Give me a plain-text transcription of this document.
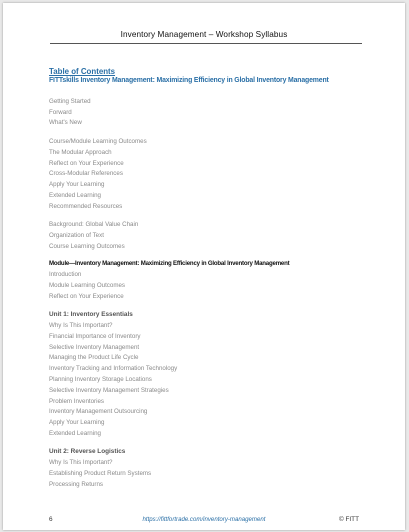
Inventory Management – Workshop Syllabus
Table of Contents
FITTskills Inventory Management: Maximizing Efficiency in Global Inventory Management
Getting Started
Forward
What's New
Course/Module Learning Outcomes
The Modular Approach
Reflect on Your Experience
Cross-Modular References
Apply Your Learning
Extended Learning
Recommended Resources
Background: Global Value Chain
Organization of Text
Course Learning Outcomes
Module—Inventory Management: Maximizing Efficiency in Global Inventory Management
Introduction
Module Learning Outcomes
Reflect on Your Experience
Unit 1: Inventory Essentials
Why Is This Important?
Financial Importance of Inventory
Selective Inventory Management
Managing the Product Life Cycle
Inventory Tracking and Information Technology
Planning Inventory Storage Locations
Selective Inventory Management Strategies
Problem Inventories
Inventory Management Outsourcing
Apply Your Learning
Extended Learning
Unit 2: Reverse Logistics
Why Is This Important?
Establishing Product Return Systems
Processing Returns
6	https://fittfortrade.com/inventory-management	© FITT
